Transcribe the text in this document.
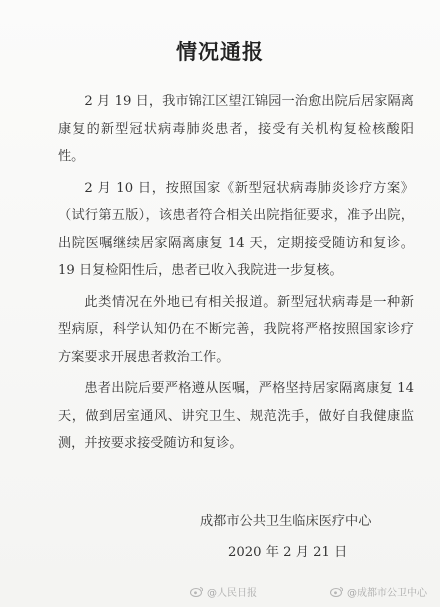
情况通报

2 月 19 日，我市锦江区望江锦园一治愈出院后居家隔离康复的新型冠状病毒肺炎患者，接受有关机构复检核酸阳性。

2 月 10 日，按照国家《新型冠状病毒肺炎诊疗方案》（试行第五版），该患者符合相关出院指征要求，准予出院，出院医嘱继续居家隔离康复 14 天，定期接受随访和复诊。19 日复检阳性后，患者已收入我院进一步复核。

此类情况在外地已有相关报道。新型冠状病毒是一种新型病原，科学认知仍在不断完善，我院将严格按照国家诊疗方案要求开展患者救治工作。

患者出院后要严格遵从医嘱，严格坚持居家隔离康复 14 天，做到居室通风、讲究卫生、规范洗手，做好自我健康监测，并按要求接受随访和复诊。

成都市公共卫生临床医疗中心
2020 年 2 月 21 日
@人民日报	@成都市公卫中心
